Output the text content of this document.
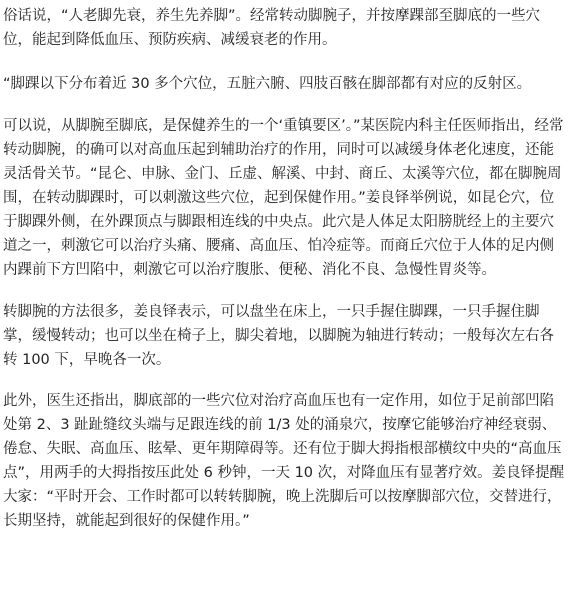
俗话说，“人老脚先衰，养生先养脚”。经常转动脚腕子，并按摩踝部至脚底的一些穴位，能起到降低血压、预防疾病、减缓衰老的作用。

“脚踝以下分布着近 30 多个穴位，五脏六腑、四肢百骸在脚部都有对应的反射区。

可以说，从脚腕至脚底，是保健养生的一个‘重镇要区’。”某医院内科主任医师指出，经常转动脚腕，的确可以对高血压起到辅助治疗的作用，同时可以减缓身体老化速度，还能灵活骨关节。“昆仑、申脉、金门、丘虚、解溪、中封、商丘、太溪等穴位，都在脚腕周围，在转动脚踝时，可以刺激这些穴位，起到保健作用。”姜良铎举例说，如昆仑穴，位于脚踝外侧，在外踝顶点与脚跟相连线的中央点。此穴是人体足太阳膀胱经上的主要穴道之一，刺激它可以治疗头痛、腰痛、高血压、怕冷症等。而商丘穴位于人体的足内侧内踝前下方凹陷中，刺激它可以治疗腹胀、便秘、消化不良、急慢性胃炎等。

转脚腕的方法很多，姜良铎表示，可以盘坐在床上，一只手握住脚踝，一只手握住脚掌，缓慢转动；也可以坐在椅子上，脚尖着地，以脚腕为轴进行转动；一般每次左右各转 100 下，早晚各一次。

此外，医生还指出，脚底部的一些穴位对治疗高血压也有一定作用，如位于足前部凹陷处第 2、3 趾趾缝纹头端与足跟连线的前 1/3 处的涌泉穴，按摩它能够治疗神经衰弱、倦怠、失眠、高血压、眩晕、更年期障碍等。还有位于脚大拇指根部横纹中央的“高血压点”，用两手的大拇指按压此处 6 秒钟，一天 10 次，对降血压有显著疗效。姜良铎提醒大家：“平时开会、工作时都可以转转脚腕，晚上洗脚后可以按摩脚部穴位，交替进行，长期坚持，就能起到很好的保健作用。”
